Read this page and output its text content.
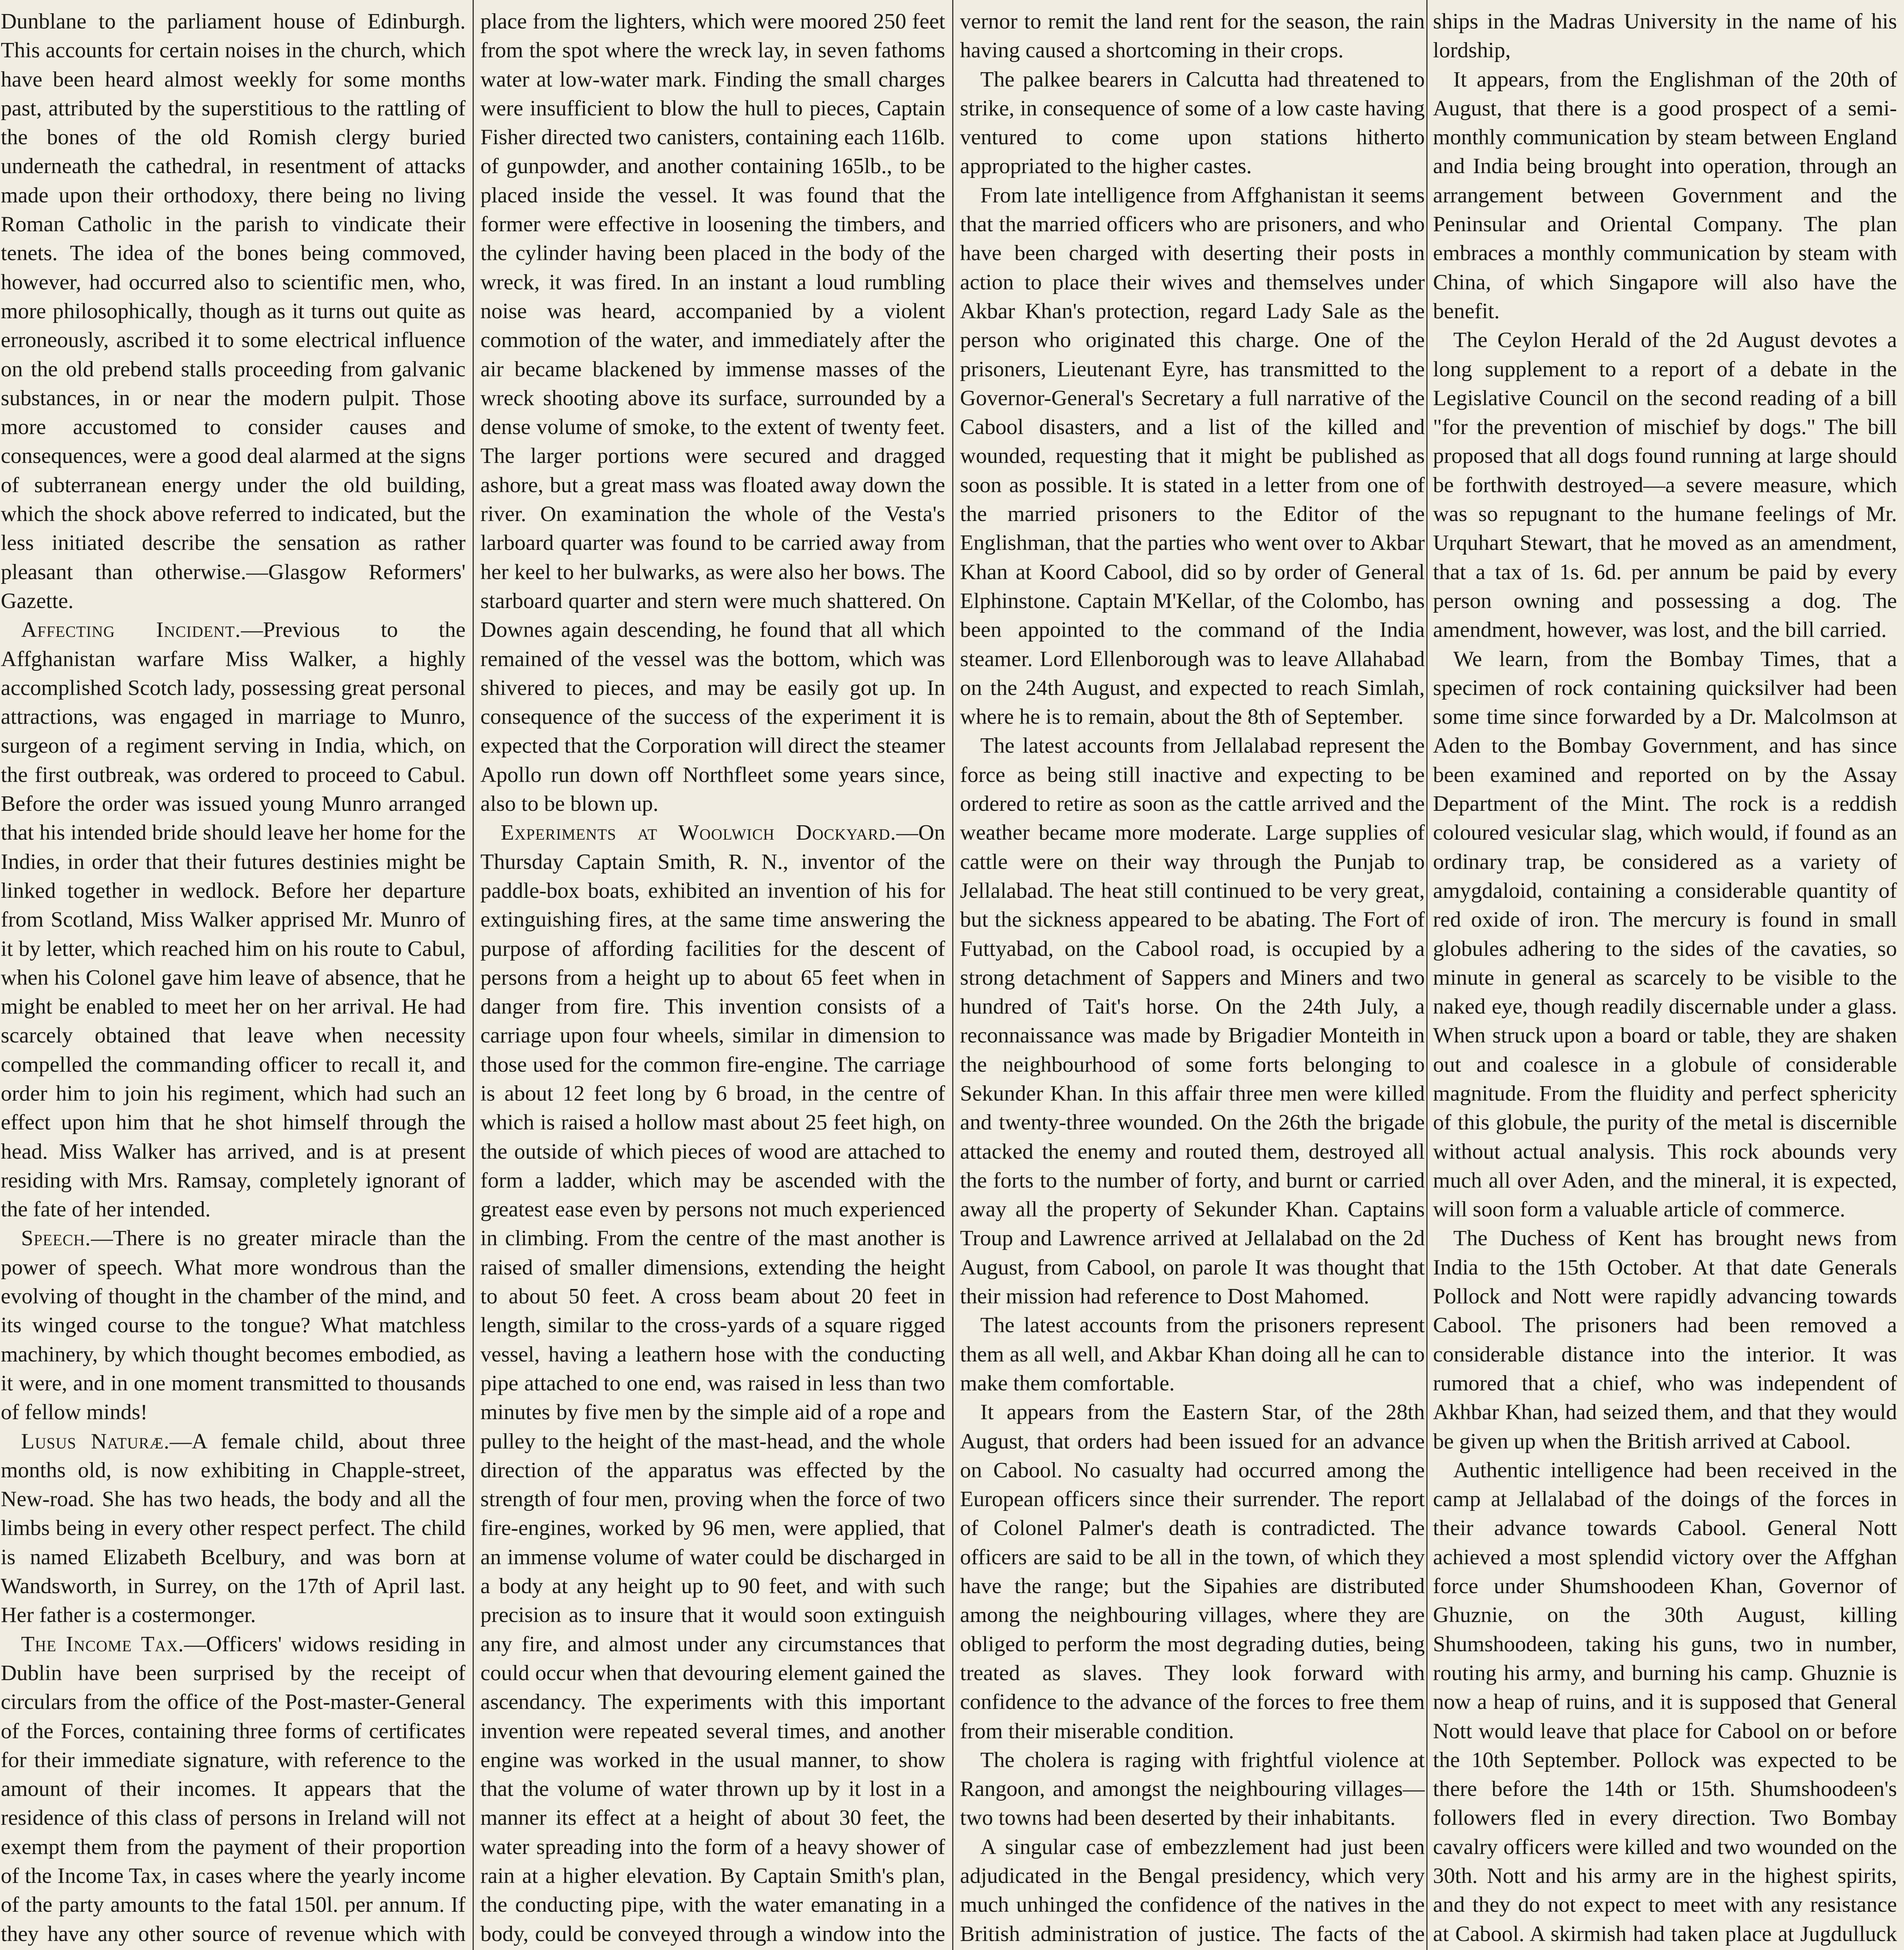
Dunblane to the parliament house of Edinburgh. This accounts for certain noises in the church, which have been heard almost weekly for some months past, attributed by the superstitious to the rattling of the bones of the old Romish clergy buried underneath the cathedral, in resentment of attacks made upon their orthodoxy, there being no living Roman Catholic in the parish to vindicate their tenets. The idea of the bones being commoved, however, had occurred also to scientific men, who, more philosophically, though as it turns out quite as erroneously, ascribed it to some electrical influence on the old prebend stalls proceeding from galvanic substances, in or near the modern pulpit. Those more accustomed to consider causes and consequences, were a good deal alarmed at the signs of subterranean energy under the old building, which the shock above referred to indicated, but the less initiated describe the sensation as rather pleasant than otherwise.—Glasgow Reformers' Gazette.

Affecting Incident.—Previous to the Affghanistan warfare Miss Walker, a highly accomplished Scotch lady, possessing great personal attractions, was engaged in marriage to Munro, surgeon of a regiment serving in India, which, on the first outbreak, was ordered to proceed to Cabul. Before the order was issued young Munro arranged that his intended bride should leave her home for the Indies, in order that their futures destinies might be linked together in wedlock. Before her departure from Scotland, Miss Walker apprised Mr. Munro of it by letter, which reached him on his route to Cabul, when his Colonel gave him leave of absence, that he might be enabled to meet her on her arrival. He had scarcely obtained that leave when necessity compelled the commanding officer to recall it, and order him to join his regiment, which had such an effect upon him that he shot himself through the head. Miss Walker has arrived, and is at present residing with Mrs. Ramsay, completely ignorant of the fate of her intended.

Speech.—There is no greater miracle than the power of speech. What more wondrous than the evolving of thought in the chamber of the mind, and its winged course to the tongue? What matchless machinery, by which thought becomes embodied, as it were, and in one moment transmitted to thousands of fellow minds!

Lusus Naturæ.—A female child, about three months old, is now exhibiting in Chapple-street, New-road. She has two heads, the body and all the limbs being in every other respect perfect. The child is named Elizabeth Bcelbury, and was born at Wandsworth, in Surrey, on the 17th of April last. Her father is a costermonger.

The Income Tax.—Officers' widows residing in Dublin have been surprised by the receipt of circulars from the office of the Post-master-General of the Forces, containing three forms of certificates for their immediate signature, with reference to the amount of their incomes. It appears that the residence of this class of persons in Ireland will not exempt them from the payment of their proportion of the Income Tax, in cases where the yearly income of the party amounts to the fatal 150l. per annum. If they have any other source of revenue which with

place from the lighters, which were moored 250 feet from the spot where the wreck lay, in seven fathoms water at low-water mark. Finding the small charges were insufficient to blow the hull to pieces, Captain Fisher directed two canisters, containing each 116lb. of gunpowder, and another containing 165lb., to be placed inside the vessel. It was found that the former were effective in loosening the timbers, and the cylinder having been placed in the body of the wreck, it was fired. In an instant a loud rumbling noise was heard, accompanied by a violent commotion of the water, and immediately after the air became blackened by immense masses of the wreck shooting above its surface, surrounded by a dense volume of smoke, to the extent of twenty feet. The larger portions were secured and dragged ashore, but a great mass was floated away down the river. On examination the whole of the Vesta's larboard quarter was found to be carried away from her keel to her bulwarks, as were also her bows. The starboard quarter and stern were much shattered. On Downes again descending, he found that all which remained of the vessel was the bottom, which was shivered to pieces, and may be easily got up. In consequence of the success of the experiment it is expected that the Corporation will direct the steamer Apollo run down off Northfleet some years since, also to be blown up.

Experiments at Woolwich Dockyard.—On Thursday Captain Smith, R. N., inventor of the paddle-box boats, exhibited an invention of his for extinguishing fires, at the same time answering the purpose of affording facilities for the descent of persons from a height up to about 65 feet when in danger from fire. This invention consists of a carriage upon four wheels, similar in dimension to those used for the common fire-engine. The carriage is about 12 feet long by 6 broad, in the centre of which is raised a hollow mast about 25 feet high, on the outside of which pieces of wood are attached to form a ladder, which may be ascended with the greatest ease even by persons not much experienced in climbing. From the centre of the mast another is raised of smaller dimensions, extending the height to about 50 feet. A cross beam about 20 feet in length, similar to the cross-yards of a square rigged vessel, having a leathern hose with the conducting pipe attached to one end, was raised in less than two minutes by five men by the simple aid of a rope and pulley to the height of the mast-head, and the whole direction of the apparatus was effected by the strength of four men, proving when the force of two fire-engines, worked by 96 men, were applied, that an immense volume of water could be discharged in a body at any height up to 90 feet, and with such precision as to insure that it would soon extinguish any fire, and almost under any circumstances that could occur when that devouring element gained the ascendancy. The experiments with this important invention were repeated several times, and another engine was worked in the usual manner, to show that the volume of water thrown up by it lost in a manner its effect at a height of about 30 feet, the water spreading into the form of a heavy shower of rain at a higher elevation. By Captain Smith's plan, the conducting pipe, with the water emanating in a body, could be conveyed through a window into the

vernor to remit the land rent for the season, the rain having caused a shortcoming in their crops.

The palkee bearers in Calcutta had threatened to strike, in consequence of some of a low caste having ventured to come upon stations hitherto appropriated to the higher castes.

From late intelligence from Affghanistan it seems that the married officers who are prisoners, and who have been charged with deserting their posts in action to place their wives and themselves under Akbar Khan's protection, regard Lady Sale as the person who originated this charge. One of the prisoners, Lieutenant Eyre, has transmitted to the Governor-General's Secretary a full narrative of the Cabool disasters, and a list of the killed and wounded, requesting that it might be published as soon as possible. It is stated in a letter from one of the married prisoners to the Editor of the Englishman, that the parties who went over to Akbar Khan at Koord Cabool, did so by order of General Elphinstone. Captain M'Kellar, of the Colombo, has been appointed to the command of the India steamer. Lord Ellenborough was to leave Allahabad on the 24th August, and expected to reach Simlah, where he is to remain, about the 8th of September.

The latest accounts from Jellalabad represent the force as being still inactive and expecting to be ordered to retire as soon as the cattle arrived and the weather became more moderate. Large supplies of cattle were on their way through the Punjab to Jellalabad. The heat still continued to be very great, but the sickness appeared to be abating. The Fort of Futtyabad, on the Cabool road, is occupied by a strong detachment of Sappers and Miners and two hundred of Tait's horse. On the 24th July, a reconnaissance was made by Brigadier Monteith in the neighbourhood of some forts belonging to Sekunder Khan. In this affair three men were killed and twenty-three wounded. On the 26th the brigade attacked the enemy and routed them, destroyed all the forts to the number of forty, and burnt or carried away all the property of Sekunder Khan. Captains Troup and Lawrence arrived at Jellalabad on the 2d August, from Cabool, on parole It was thought that their mission had reference to Dost Mahomed.

The latest accounts from the prisoners represent them as all well, and Akbar Khan doing all he can to make them comfortable.

It appears from the Eastern Star, of the 28th August, that orders had been issued for an advance on Cabool. No casualty had occurred among the European officers since their surrender. The report of Colonel Palmer's death is contradicted. The officers are said to be all in the town, of which they have the range; but the Sipahies are distributed among the neighbouring villages, where they are obliged to perform the most degrading duties, being treated as slaves. They look forward with confidence to the advance of the forces to free them from their miserable condition.

The cholera is raging with frightful violence at Rangoon, and amongst the neighbouring villages—two towns had been deserted by their inhabitants.

A singular case of embezzlement had just been adjudicated in the Bengal presidency, which very much unhinged the confidence of the natives in the British administration of justice. The facts of the

ships in the Madras University in the name of his lordship,

It appears, from the Englishman of the 20th of August, that there is a good prospect of a semi-monthly communication by steam between England and India being brought into operation, through an arrangement between Government and the Peninsular and Oriental Company. The plan embraces a monthly communication by steam with China, of which Singapore will also have the benefit.

The Ceylon Herald of the 2d August devotes a long supplement to a report of a debate in the Legislative Council on the second reading of a bill "for the prevention of mischief by dogs." The bill proposed that all dogs found running at large should be forthwith destroyed—a severe measure, which was so repugnant to the humane feelings of Mr. Urquhart Stewart, that he moved as an amendment, that a tax of 1s. 6d. per annum be paid by every person owning and possessing a dog. The amendment, however, was lost, and the bill carried.

We learn, from the Bombay Times, that a specimen of rock containing quicksilver had been some time since forwarded by a Dr. Malcolmson at Aden to the Bombay Government, and has since been examined and reported on by the Assay Department of the Mint. The rock is a reddish coloured vesicular slag, which would, if found as an ordinary trap, be considered as a variety of amygdaloid, containing a considerable quantity of red oxide of iron. The mercury is found in small globules adhering to the sides of the cavaties, so minute in general as scarcely to be visible to the naked eye, though readily discernable under a glass. When struck upon a board or table, they are shaken out and coalesce in a globule of considerable magnitude. From the fluidity and perfect sphericity of this globule, the purity of the metal is discernible without actual analysis. This rock abounds very much all over Aden, and the mineral, it is expected, will soon form a valuable article of commerce.

The Duchess of Kent has brought news from India to the 15th October. At that date Generals Pollock and Nott were rapidly advancing towards Cabool. The prisoners had been removed a considerable distance into the interior. It was rumored that a chief, who was independent of Akhbar Khan, had seized them, and that they would be given up when the British arrived at Cabool.

Authentic intelligence had been received in the camp at Jellalabad of the doings of the forces in their advance towards Cabool. General Nott achieved a most splendid victory over the Affghan force under Shumshoodeen Khan, Governor of Ghuznie, on the 30th August, killing Shumshoodeen, taking his guns, two in number, routing his army, and burning his camp. Ghuznie is now a heap of ruins, and it is supposed that General Nott would leave that place for Cabool on or before the 10th September. Pollock was expected to be there before the 14th or 15th. Shumshoodeen's followers fled in every direction. Two Bombay cavalry officers were killed and two wounded on the 30th. Nott and his army are in the highest spirits, and they do not expect to meet with any resistance at Cabool. A skirmish had taken place at Jugdulluck
